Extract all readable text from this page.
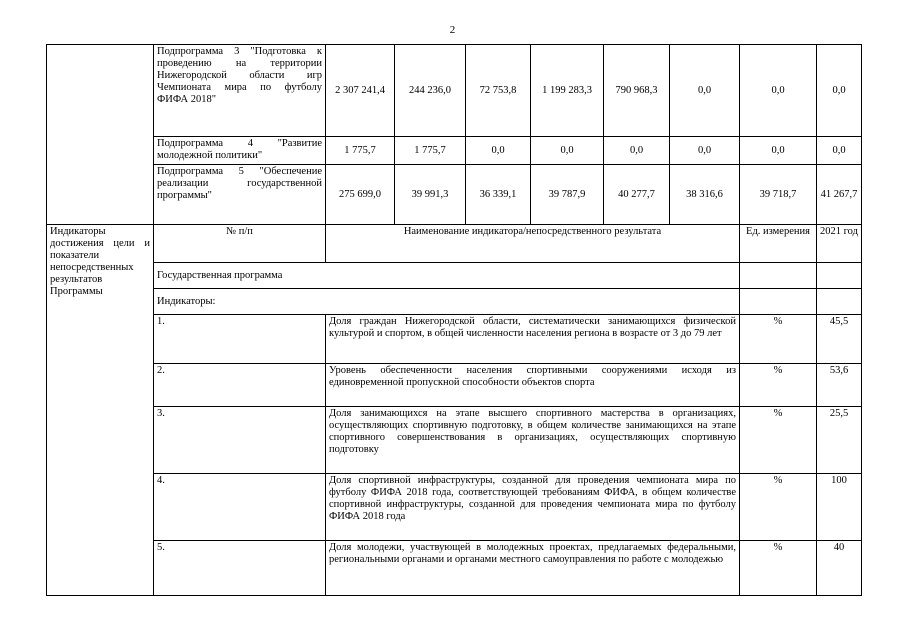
2
	Подпрограмма 3 "Подготовка к проведению на территории Нижегородской области игр Чемпионата мира по футболу ФИФА 2018"	2 307 241,4	244 236,0	72 753,8	1 199 283,3	790 968,3	0,0	0,0	0,0
	Подпрограмма 4 "Развитие молодежной политики"	1 775,7	1 775,7	0,0	0,0	0,0	0,0	0,0	0,0
	Подпрограмма 5 "Обеспечение реализации государственной программы"	275 699,0	39 991,3	36 339,1	39 787,9	40 277,7	38 316,6	39 718,7	41 267,7
Индикаторы достижения цели и показатели непосредственных результатов Программы	№ п/п	Наименование индикатора/непосредственного результата						Ед. измерения	2021 год
	Государственная программа								
	Индикаторы:								
	1.	Доля граждан Нижегородской области, систематически занимающихся физической культурой и спортом, в общей численности населения региона в возрасте от 3 до 79 лет						%	45,5
	2.	Уровень обеспеченности населения спортивными сооружениями исходя из единовременной пропускной способности объектов спорта						%	53,6
	3.	Доля занимающихся на этапе высшего спортивного мастерства в организациях, осуществляющих спортивную подготовку, в общем количестве занимающихся на этапе спортивного совершенствования в организациях, осуществляющих спортивную подготовку						%	25,5
	4.	Доля спортивной инфраструктуры, созданной для проведения чемпионата мира по футболу ФИФА 2018 года, соответствующей требованиям ФИФА, в общем количестве спортивной инфраструктуры, созданной для проведения чемпионата мира по футболу ФИФА 2018 года						%	100
	5.	Доля молодежи, участвующей в молодежных проектах, предлагаемых федеральными, региональными органами и органами местного самоуправления по работе с молодежью						%	40
